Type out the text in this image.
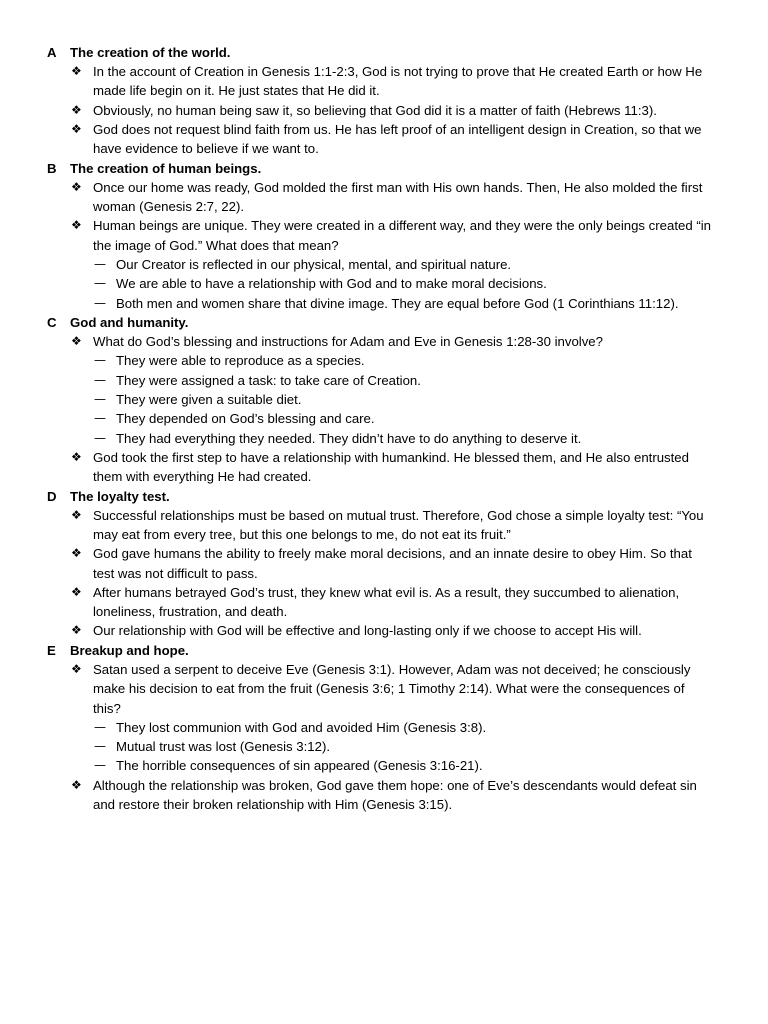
A The creation of the world.
❖ In the account of Creation in Genesis 1:1-2:3, God is not trying to prove that He created Earth or how He made life begin on it. He just states that He did it.
❖ Obviously, no human being saw it, so believing that God did it is a matter of faith (Hebrews 11:3).
❖ God does not request blind faith from us. He has left proof of an intelligent design in Creation, so that we have evidence to believe if we want to.
B The creation of human beings.
❖ Once our home was ready, God molded the first man with His own hands. Then, He also molded the first woman (Genesis 2:7, 22).
❖ Human beings are unique. They were created in a different way, and they were the only beings created “in the image of God.” What does that mean?
— Our Creator is reflected in our physical, mental, and spiritual nature.
— We are able to have a relationship with God and to make moral decisions.
— Both men and women share that divine image. They are equal before God (1 Corinthians 11:12).
C God and humanity.
❖ What do God’s blessing and instructions for Adam and Eve in Genesis 1:28-30 involve?
— They were able to reproduce as a species.
— They were assigned a task: to take care of Creation.
— They were given a suitable diet.
— They depended on God’s blessing and care.
— They had everything they needed. They didn’t have to do anything to deserve it.
❖ God took the first step to have a relationship with humankind. He blessed them, and He also entrusted them with everything He had created.
D The loyalty test.
❖ Successful relationships must be based on mutual trust. Therefore, God chose a simple loyalty test: “You may eat from every tree, but this one belongs to me, do not eat its fruit.”
❖ God gave humans the ability to freely make moral decisions, and an innate desire to obey Him. So that test was not difficult to pass.
❖ After humans betrayed God’s trust, they knew what evil is. As a result, they succumbed to alienation, loneliness, frustration, and death.
❖ Our relationship with God will be effective and long-lasting only if we choose to accept His will.
E Breakup and hope.
❖ Satan used a serpent to deceive Eve (Genesis 3:1). However, Adam was not deceived; he consciously make his decision to eat from the fruit (Genesis 3:6; 1 Timothy 2:14). What were the consequences of this?
— They lost communion with God and avoided Him (Genesis 3:8).
— Mutual trust was lost (Genesis 3:12).
— The horrible consequences of sin appeared (Genesis 3:16-21).
❖ Although the relationship was broken, God gave them hope: one of Eve’s descendants would defeat sin and restore their broken relationship with Him (Genesis 3:15).
